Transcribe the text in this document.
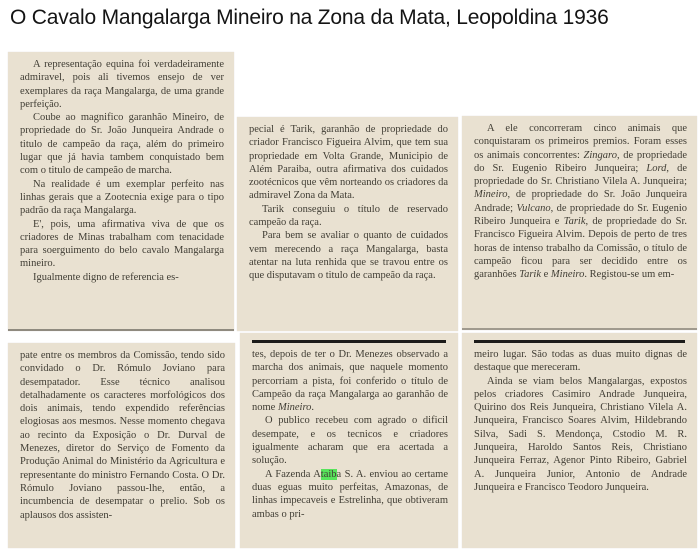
O Cavalo Mangalarga Mineiro na Zona da Mata, Leopoldina 1936

A representação equina foi verdadeiramente admiravel, pois ali tivemos ensejo de ver exemplares da raça Mangalarga, de uma grande perfeição.

Coube ao magnifico garanhão Mineiro, de propriedade do Sr. João Junqueira Andrade o titulo de campeão da raça, além do primeiro lugar que já havia tambem conquistado bem com o titulo de campeão de marcha.

Na realidade é um exemplar perfeito nas linhas gerais que a Zootecnia exige para o tipo padrão da raça Mangalarga.

E', pois, uma afirmativa viva de que os criadores de Minas trabalham com tenacidade para soerguimento do belo cavalo Mangalarga mineiro.

Igualmente digno de referencia es-

pecial é Tarik, garanhão de propriedade do criador Francisco Figueira Alvim, que tem sua propriedade em Volta Grande, Municipio de Além Paraiba, outra afirmativa dos cuidados zootécnicos que vêm norteando os criadores da admiravel Zona da Mata.

Tarik conseguiu o título de reservado campeão da raça.

Para bem se avaliar o quanto de cuidados vem merecendo a raça Mangalarga, basta atentar na luta renhida que se travou entre os que disputavam o titulo de campeão da raça.

A ele concorreram cinco animais que conquistaram os primeiros premios. Foram esses os animais concorrentes: Zingaro, de propriedade do Sr. Eugenio Ribeiro Junqueira; Lord, de propriedade do Sr. Christiano Vilela A. Junqueira; Mineiro, de propriedade do Sr. João Junqueira Andrade; Vulcano, de propriedade do Sr. Eugenio Ribeiro Junqueira e Tarik, de propriedade do Sr. Francisco Figueira Alvim. Depois de perto de tres horas de intenso trabalho da Comissão, o título de campeão ficou para ser decidido entre os garanhões Tarik e Mineiro. Registou-se um em-

pate entre os membros da Comissão, tendo sido convidado o Dr. Rómulo Joviano para desempatador. Esse técnico analisou detalhadamente os caracteres morfológicos dos dois animais, tendo expendido referências elogiosas aos mesmos. Nesse momento chegava ao recinto da Exposição o Dr. Durval de Menezes, diretor do Serviço de Fomento da Produção Animal do Ministério da Agricultura e representante do ministro Fernando Costa. O Dr. Rómulo Joviano passou-lhe, então, a incumbencia de desempatar o prelio. Sob os aplausos dos assisten-

tes, depois de ter o Dr. Menezes observado a marcha dos animais, que naquele momento percorriam a pista, foi conferido o título de Campeão da raça Mangalarga ao garanhão de nome Mineiro.

O publico recebeu com agrado o dificil desempate, e os tecnicos e criadores igualmente acharam que era acertada a solução.

A Fazenda Ataiba S. A. enviou ao certame duas eguas muito perfeitas, Amazonas, de linhas impecaveis e Estrelinha, que obtiveram ambas o pri-

meiro lugar. São todas as duas muito dignas de destaque que mereceram.

Ainda se viam belos Mangalargas, expostos pelos criadores Casimiro Andrade Junqueira, Quirino dos Reis Junqueira, Christiano Vilela A. Junqueira, Francisco Soares Alvim, Hildebrando Silva, Sadi S. Mendonça, Cstodio M. R. Junqueira, Haroldo Santos Reis, Christiano Junqueira Ferraz, Agenor Pinto Ribeiro, Gabriel A. Junqueira Junior, Antonio de Andrade Junqueira e Francisco Teodoro Junqueira.
